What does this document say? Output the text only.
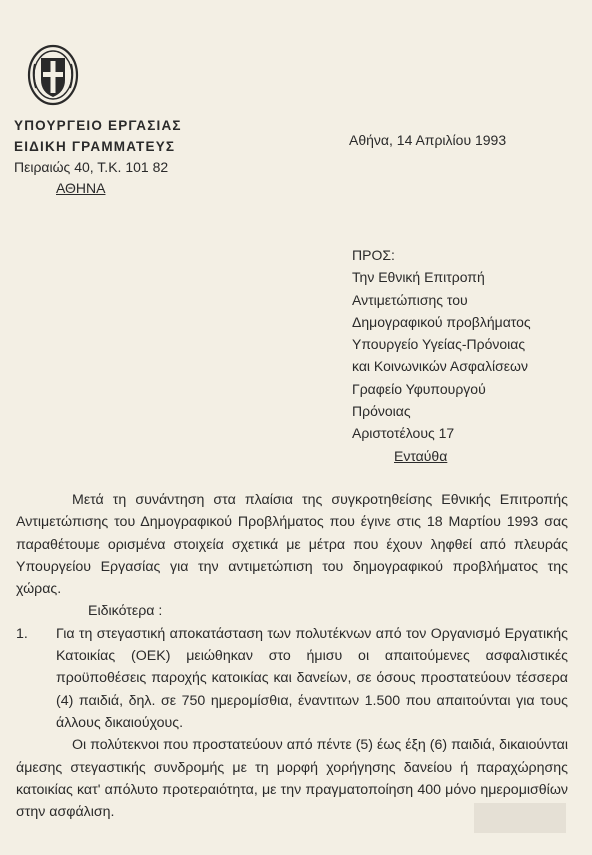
ΥΠΟΥΡΓΕΙΟ ΕΡΓΑΣΙΑΣ
ΕΙΔΙΚΗ ΓΡΑΜΜΑΤΕΥΣ
Πειραιώς 40, Τ.Κ. 101 82
ΑΘΗΝΑ
Αθήνα, 14 Απριλίου 1993
ΠΡΟΣ:
Την Εθνική Επιτροπή
Αντιμετώπισης του
Δημογραφικού προβλήματος
Υπουργείο Υγείας-Πρόνοιας
και Κοινωνικών Ασφαλίσεων
Γραφείο Υφυπουργού
Πρόνοιας
Αριστοτέλους 17
Ενταύθα

Μετά τη συνάντηση στα πλαίσια της συγκροτηθείσης Εθνικής Επιτροπής Αντιμετώπισης του Δημογραφικού Προβλήματος που έγινε στις 18 Μαρτίου 1993 σας παραθέτουμε ορισμένα στοιχεία σχετικά με μέτρα που έχουν ληφθεί από πλευράς Υπουργείου Εργασίας για την αντιμετώπιση του δημογραφικού προβλήματος της χώρας.

Ειδικότερα :

1.	Για τη στεγαστική αποκατάσταση των πολυτέκνων από τον Οργανισμό Εργατικής Κατοικίας (ΟΕΚ) μειώθηκαν στο ήμισυ οι απαιτούμενες ασφαλιστικές προϋποθέσεις παροχής κατοικίας και δανείων, σε όσους προστατεύουν τέσσερα (4) παιδιά, δηλ. σε 750 ημερομίσθια, έναντιτων 1.500 που απαιτούνται για τους άλλους δικαιούχους.

Οι πολύτεκνοι που προστατεύουν από πέντε (5) έως έξη (6) παιδιά, δικαιούνται άμεσης στεγαστικής συνδρομής με τη μορφή χορήγησης δανείου ή παραχώρησης κατοικίας κατ' απόλυτο προτεραιότητα, με την πραγματοποίηση 400 μόνο ημερομισθίων στην ασφάλιση.
